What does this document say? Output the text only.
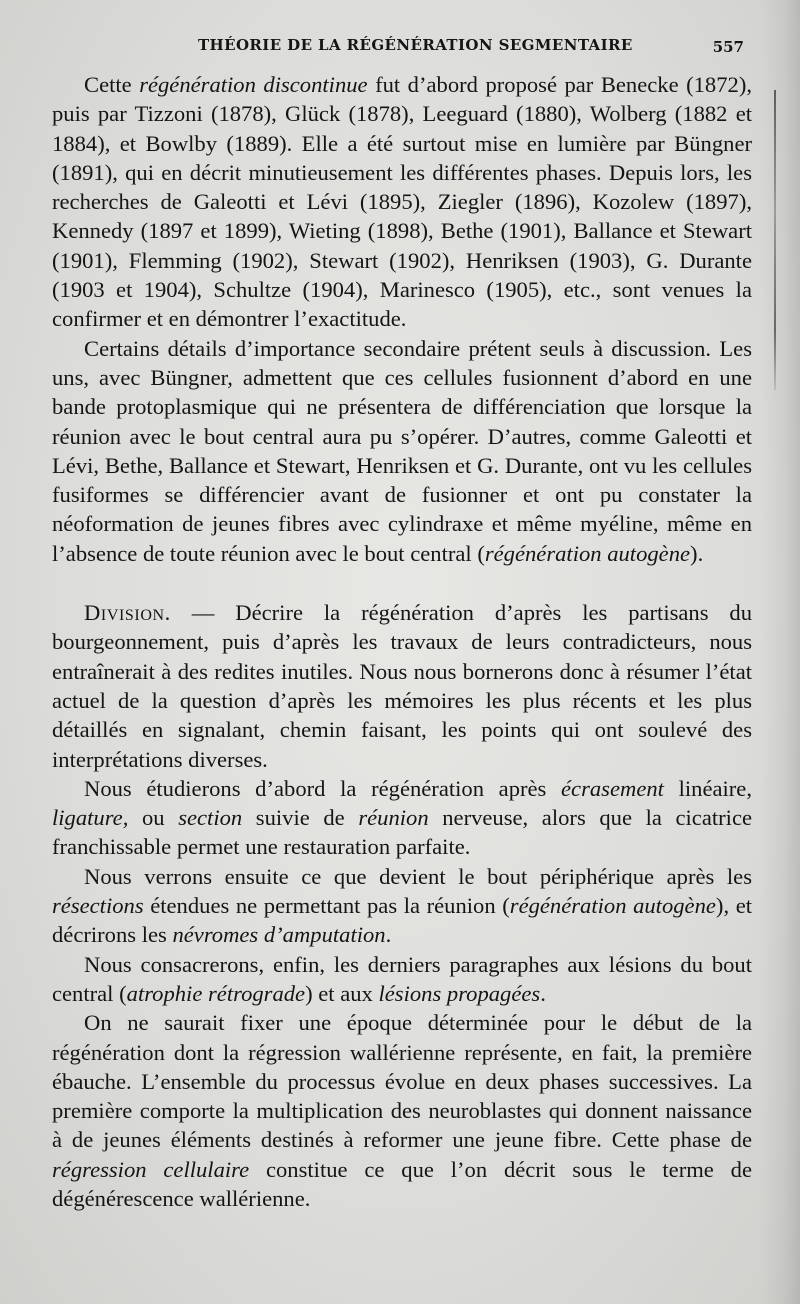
THÉORIE DE LA RÉGÉNÉRATION SEGMENTAIRE	557

Cette régénération discontinue fut d’abord proposé par Benecke (1872), puis par Tizzoni (1878), Glück (1878), Leeguard (1880), Wolberg (1882 et 1884), et Bowlby (1889). Elle a été surtout mise en lumière par Büngner (1891), qui en décrit minutieusement les différentes phases. Depuis lors, les recherches de Galeotti et Lévi (1895), Ziegler (1896), Kozolew (1897), Kennedy (1897 et 1899), Wieting (1898), Bethe (1901), Ballance et Stewart (1901), Flemming (1902), Stewart (1902), Henriksen (1903), G. Durante (1903 et 1904), Schultze (1904), Marinesco (1905), etc., sont venues la confirmer et en démontrer l’exactitude.

Certains détails d’importance secondaire prétent seuls à discussion. Les uns, avec Büngner, admettent que ces cellules fusionnent d’abord en une bande protoplasmique qui ne présentera de différenciation que lorsque la réunion avec le bout central aura pu s’opérer. D’autres, comme Galeotti et Lévi, Bethe, Ballance et Stewart, Henriksen et G. Durante, ont vu les cellules fusiformes se différencier avant de fusionner et ont pu constater la néoformation de jeunes fibres avec cylindraxe et même myéline, même en l’absence de toute réunion avec le bout central (régénération autogène).

Division. — Décrire la régénération d’après les partisans du bourgeonnement, puis d’après les travaux de leurs contradicteurs, nous entraînerait à des redites inutiles. Nous nous bornerons donc à résumer l’état actuel de la question d’après les mémoires les plus récents et les plus détaillés en signalant, chemin faisant, les points qui ont soulevé des interprétations diverses.

Nous étudierons d’abord la régénération après écrasement linéaire, ligature, ou section suivie de réunion nerveuse, alors que la cicatrice franchissable permet une restauration parfaite.

Nous verrons ensuite ce que devient le bout périphérique après les résections étendues ne permettant pas la réunion (régénération autogène), et décrirons les névromes d’amputation.

Nous consacrerons, enfin, les derniers paragraphes aux lésions du bout central (atrophie rétrograde) et aux lésions propagées.

On ne saurait fixer une époque déterminée pour le début de la régénération dont la régression wallérienne représente, en fait, la première ébauche. L’ensemble du processus évolue en deux phases successives. La première comporte la multiplication des neuroblastes qui donnent naissance à de jeunes éléments destinés à reformer une jeune fibre. Cette phase de régression cellulaire constitue ce que l’on décrit sous le terme de dégénérescence wallérienne.
